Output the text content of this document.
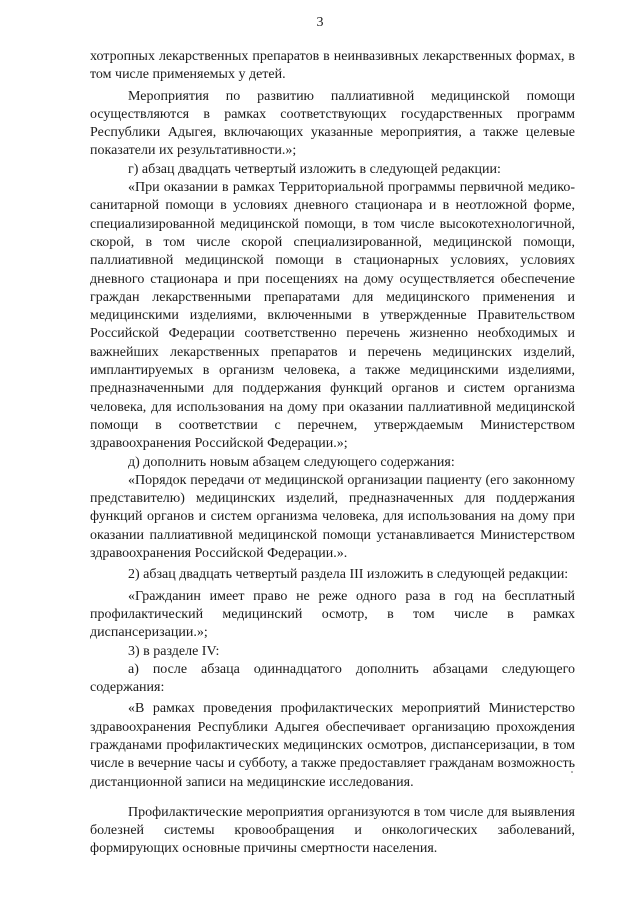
3

хотропных лекарственных препаратов в неинвазивных лекарственных формах, в том числе применяемых у детей.

Мероприятия по развитию паллиативной медицинской помощи осуществляются в рамках соответствующих государственных программ Республики Адыгея, включающих указанные мероприятия, а также целевые показатели их результативности.»;

г) абзац двадцать четвертый изложить в следующей редакции:

«При оказании в рамках Территориальной программы первичной медико-санитарной помощи в условиях дневного стационара и в неотложной форме, специализированной медицинской помощи, в том числе высокотехнологичной, скорой, в том числе скорой специализированной, медицинской помощи, паллиативной медицинской помощи в стационарных условиях, условиях дневного стационара и при посещениях на дому осуществляется обеспечение граждан лекарственными препаратами для медицинского применения и медицинскими изделиями, включенными в утвержденные Правительством Российской Федерации соответственно перечень жизненно необходимых и важнейших лекарственных препаратов и перечень медицинских изделий, имплантируемых в организм человека, а также медицинскими изделиями, предназначенными для поддержания функций органов и систем организма человека, для использования на дому при оказании паллиативной медицинской помощи в соответствии с перечнем, утверждаемым Министерством здравоохранения Российской Федерации.»;

д) дополнить новым абзацем следующего содержания:

«Порядок передачи от медицинской организации пациенту (его законному представителю) медицинских изделий, предназначенных для поддержания функций органов и систем организма человека, для использования на дому при оказании паллиативной медицинской помощи устанавливается Министерством здравоохранения Российской Федерации.».

2) абзац двадцать четвертый раздела III изложить в следующей редакции:

«Гражданин имеет право не реже одного раза в год на бесплатный профилактический медицинский осмотр, в том числе в рамках диспансеризации.»;

3) в разделе IV:

а) после абзаца одиннадцатого дополнить абзацами следующего содержания:

«В рамках проведения профилактических мероприятий Министерство здравоохранения Республики Адыгея обеспечивает организацию прохождения гражданами профилактических медицинских осмотров, диспансеризации, в том числе в вечерние часы и субботу, а также предоставляет гражданам возможность дистанционной записи на медицинские исследования.

Профилактические мероприятия организуются в том числе для выявления болезней системы кровообращения и онкологических заболеваний, формирующих основные причины смертности населения.
